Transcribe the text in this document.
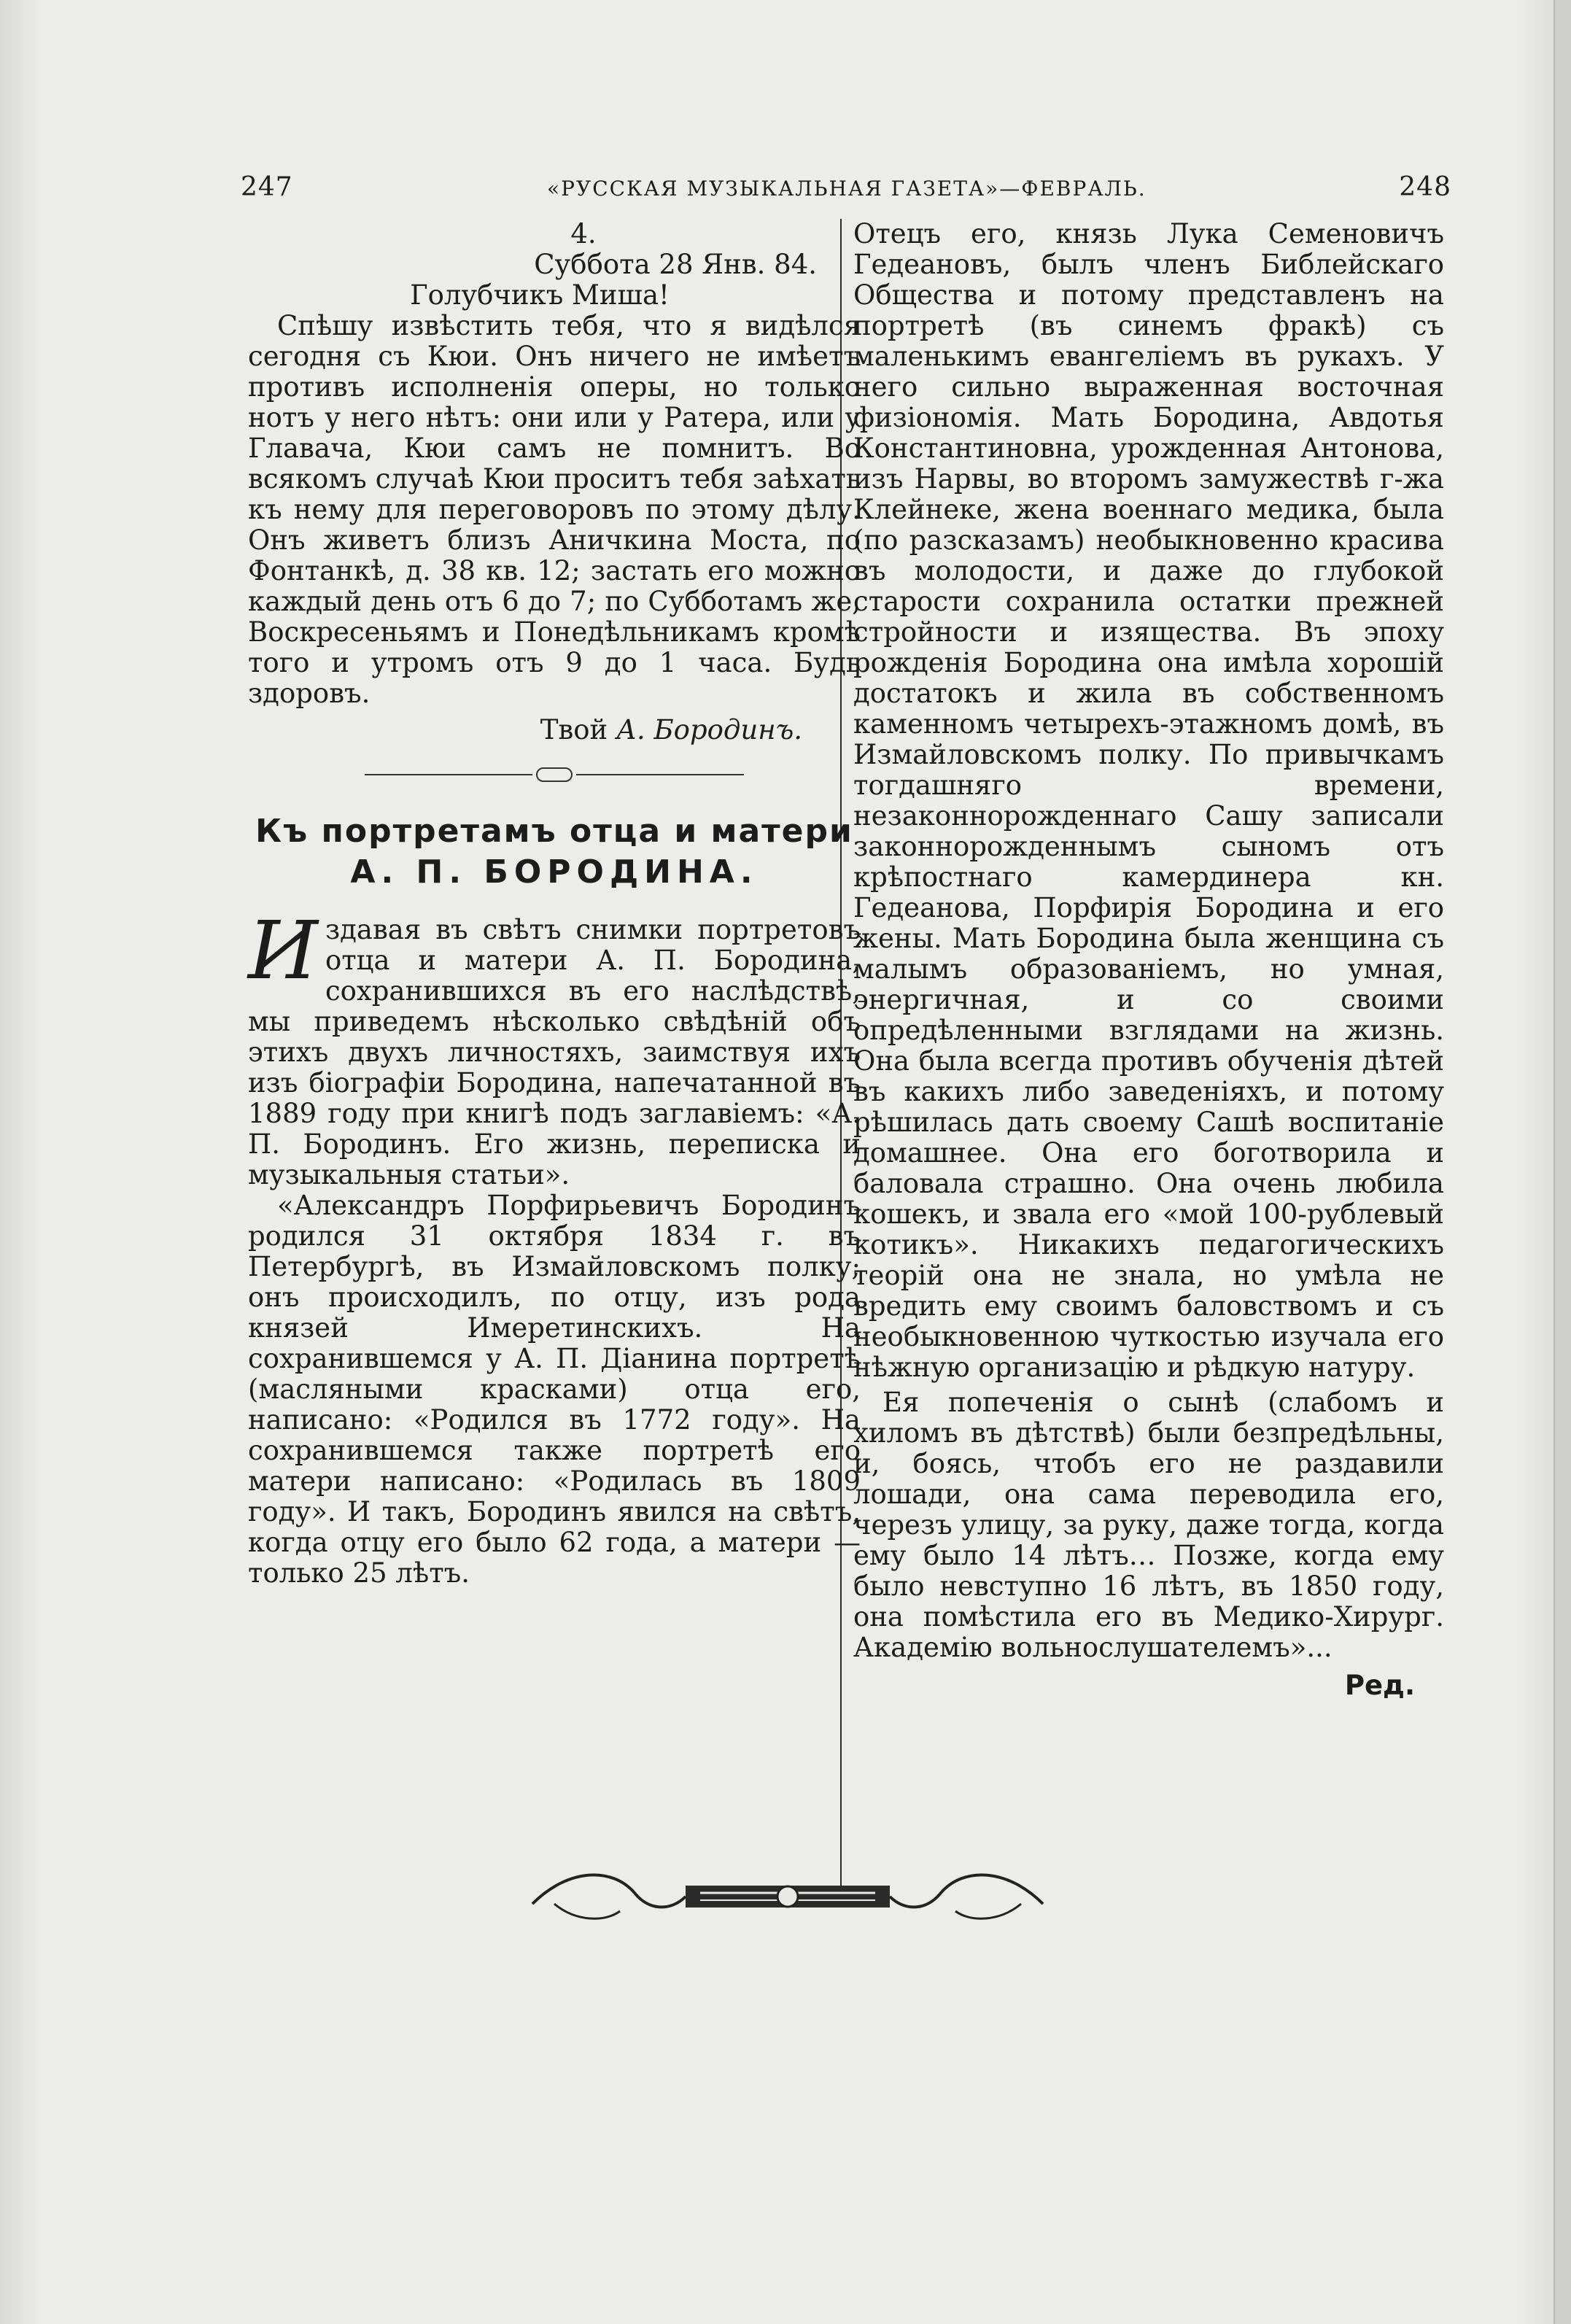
247	«РУССКАЯ МУЗЫКАЛЬНАЯ ГАЗЕТА»—ФЕВРАЛЬ.	248

4.

Суббота 28 Янв. 84.

Голубчикъ Миша!

Спѣшу извѣстить тебя, что я видѣлся сегодня съ Кюи. Онъ ничего не имѣетъ противъ исполненія оперы, но только нотъ у него нѣтъ: они или у Ратера, или у Главача, Кюи самъ не помнитъ. Во всякомъ случаѣ Кюи проситъ тебя заѣхать къ нему для переговоровъ по этому дѣлу. Онъ живетъ близъ Аничкина Моста, по Фонтанкѣ, д. 38 кв. 12; застать его можно каждый день отъ 6 до 7; по Субботамъ же, Воскресеньямъ и Понедѣльникамъ кромѣ того и утромъ отъ 9 до 1 часа. Будь здоровъ.

Твой А. Бородинъ.

Къ портретамъ отца и матери
А. П. БОРОДИНА.

И здавая въ свѣтъ снимки портретовъ отца и матери А. П. Бородина, сохранившихся въ его наслѣдствѣ, мы приведемъ нѣсколько свѣдѣній объ этихъ двухъ личностяхъ, заимствуя ихъ изъ біографіи Бородина, напечатанной въ 1889 году при книгѣ подъ заглавіемъ: «А. П. Бородинъ. Его жизнь, переписка и музыкальныя статьи».

«Александръ Порфирьевичъ Бородинъ родился 31 октября 1834 г. въ Петербургѣ, въ Измайловскомъ полку; онъ происходилъ, по отцу, изъ рода князей Имеретинскихъ. На сохранившемся у А. П. Діанина портретѣ (масляными красками) отца его, написано: «Родился въ 1772 году». На сохранившемся также портретѣ его матери написано: «Родилась въ 1809 году». И такъ, Бородинъ явился на свѣтъ, когда отцу его было 62 года, а матери — только 25 лѣтъ.

Отецъ его, князь Лука Семеновичъ Гедеановъ, былъ членъ Библейскаго Общества и потому представленъ на портретѣ (въ синемъ фракѣ) съ маленькимъ евангеліемъ въ рукахъ. У него сильно выраженная восточная физіономія. Мать Бородина, Авдотья Константиновна, урожденная Антонова, изъ Нарвы, во второмъ замужествѣ г-жа Клейнеке, жена военнаго медика, была (по разсказамъ) необыкновенно красива въ молодости, и даже до глубокой старости сохранила остатки прежней стройности и изящества. Въ эпоху рожденія Бородина она имѣла хорошій достатокъ и жила въ собственномъ каменномъ четырехъ-этажномъ домѣ, въ Измайловскомъ полку. По привычкамъ тогдашняго времени, незаконнорожденнаго Сашу записали законнорожденнымъ сыномъ отъ крѣпостнаго камердинера кн. Гедеанова, Порфирія Бородина и его жены. Мать Бородина была женщина съ малымъ образованіемъ, но умная, энергичная, и со своими опредѣленными взглядами на жизнь. Она была всегда противъ обученія дѣтей въ какихъ либо заведеніяхъ, и потому рѣшилась дать своему Сашѣ воспитаніе домашнее. Она его боготворила и баловала страшно. Она очень любила кошекъ, и звала его «мой 100-рублевый котикъ». Никакихъ педагогическихъ теорій она не знала, но умѣла не вредить ему своимъ баловствомъ и съ необыкновенною чуткостью изучала его нѣжную организацію и рѣдкую натуру.

Ея попеченія о сынѣ (слабомъ и хиломъ въ дѣтствѣ) были безпредѣльны, и, боясь, чтобъ его не раздавили лошади, она сама переводила его, черезъ улицу, за руку, даже тогда, когда ему было 14 лѣтъ… Позже, когда ему было невступно 16 лѣтъ, въ 1850 году, она помѣстила его въ Медико-Хирург. Академію вольнослушателемъ»...

Ред.
